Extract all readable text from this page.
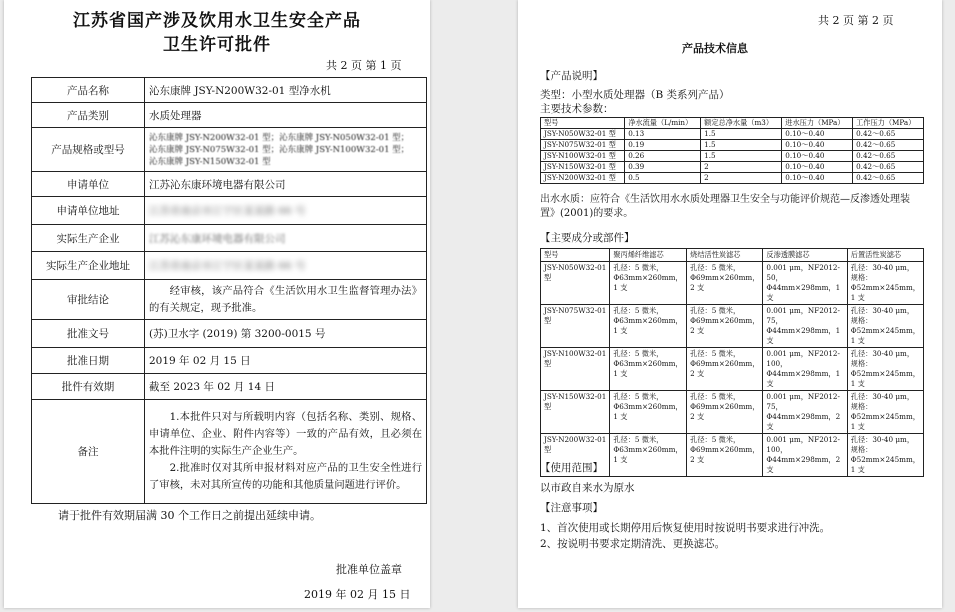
江苏省国产涉及饮用水卫生安全产品
卫生许可批件
共 2 页 第 1 页
产品名称	沁东康牌 JSY-N200W32-01 型净水机
产品类别	水质处理器
产品规格或型号	沁东康牌 JSY-N200W32-01 型；沁东康牌 JSY-N050W32-01 型；
沁东康牌 JSY-N075W32-01 型；沁东康牌 JSY-N100W32-01 型；
沁东康牌 JSY-N150W32-01 型

申请单位	江苏沁东康环境电器有限公司
申请单位地址	江苏省南京市江宁区某某路 66 号
实际生产企业	江苏沁东康环境电器有限公司
实际生产企业地址	江苏省南京市江宁区某某路 66 号
审批结论	经审核，该产品符合《生活饮用水卫生监督管理办法》的有关规定，现予批准。
批准文号	(苏)卫水字 (2019) 第 3200-0015 号
批准日期	2019 年 02 月 15 日
批件有效期	截至 2023 年 02 月 14 日
备注	1.本批件只对与所载明内容（包括名称、类别、规格、申请单位、企业、附件内容等）一致的产品有效，且必须在本批件注明的实际生产企业生产。
2.批准时仅对其所申报材料对应产品的卫生安全性进行了审核，未对其所宣传的功能和其他质量问题进行评价。
请于批件有效期届满 30 个工作日之前提出延续申请。
批准单位盖章
2019 年 02 月 15 日
共 2 页 第 2 页
产品技术信息
【产品说明】
类型：小型水质处理器（B 类系列产品）
主要技术参数：
型号	净水流量（L/min）	额定总净水量（m3）	进水压力（MPa）	工作压力（MPa）
JSY-N050W32-01 型	0.13	1.5	0.10～0.40	0.42～0.65
JSY-N075W32-01 型	0.19	1.5	0.10～0.40	0.42～0.65
JSY-N100W32-01 型	0.26	1.5	0.10～0.40	0.42～0.65
JSY-N150W32-01 型	0.39	2	0.10～0.40	0.42～0.65
JSY-N200W32-01 型	0.5	2	0.10～0.40	0.42～0.65
出水水质：应符合《生活饮用水水质处理器卫生安全与功能评价规范—反渗透处理装置》(2001)的要求。
【主要成分或部件】
型号	聚丙烯纤维滤芯	烧结活性炭滤芯	反渗透膜滤芯	后置活性炭滤芯
JSY-N050W32-01 型	孔径：5 微米，Φ63mm×260mm，1 支	孔径：5 微米，Φ69mm×260mm，2 支	0.001 μm，NF2012-50，Φ44mm×298mm，1 支	孔径：30-40 μm，规格：Φ52mm×245mm，1 支
JSY-N075W32-01 型	孔径：5 微米，Φ63mm×260mm，1 支	孔径：5 微米，Φ69mm×260mm，2 支	0.001 μm，NF2012-75，Φ44mm×298mm，1 支	孔径：30-40 μm，规格：Φ52mm×245mm，1 支
JSY-N100W32-01 型	孔径：5 微米，Φ63mm×260mm，1 支	孔径：5 微米，Φ69mm×260mm，2 支	0.001 μm，NF2012-100，Φ44mm×298mm，1 支	孔径：30-40 μm，规格：Φ52mm×245mm，1 支
JSY-N150W32-01 型	孔径：5 微米，Φ63mm×260mm，1 支	孔径：5 微米，Φ69mm×260mm，2 支	0.001 μm，NF2012-75，Φ44mm×298mm，2 支	孔径：30-40 μm，规格：Φ52mm×245mm，1 支
JSY-N200W32-01 型	孔径：5 微米，Φ63mm×260mm，1 支	孔径：5 微米，Φ69mm×260mm，2 支	0.001 μm，NF2012-100，Φ44mm×298mm，2 支	孔径：30-40 μm，规格：Φ52mm×245mm，1 支
【使用范围】
以市政自来水为原水
【注意事项】
1、首次使用或长期停用后恢复使用时按说明书要求进行冲洗。
2、按说明书要求定期清洗、更换滤芯。
